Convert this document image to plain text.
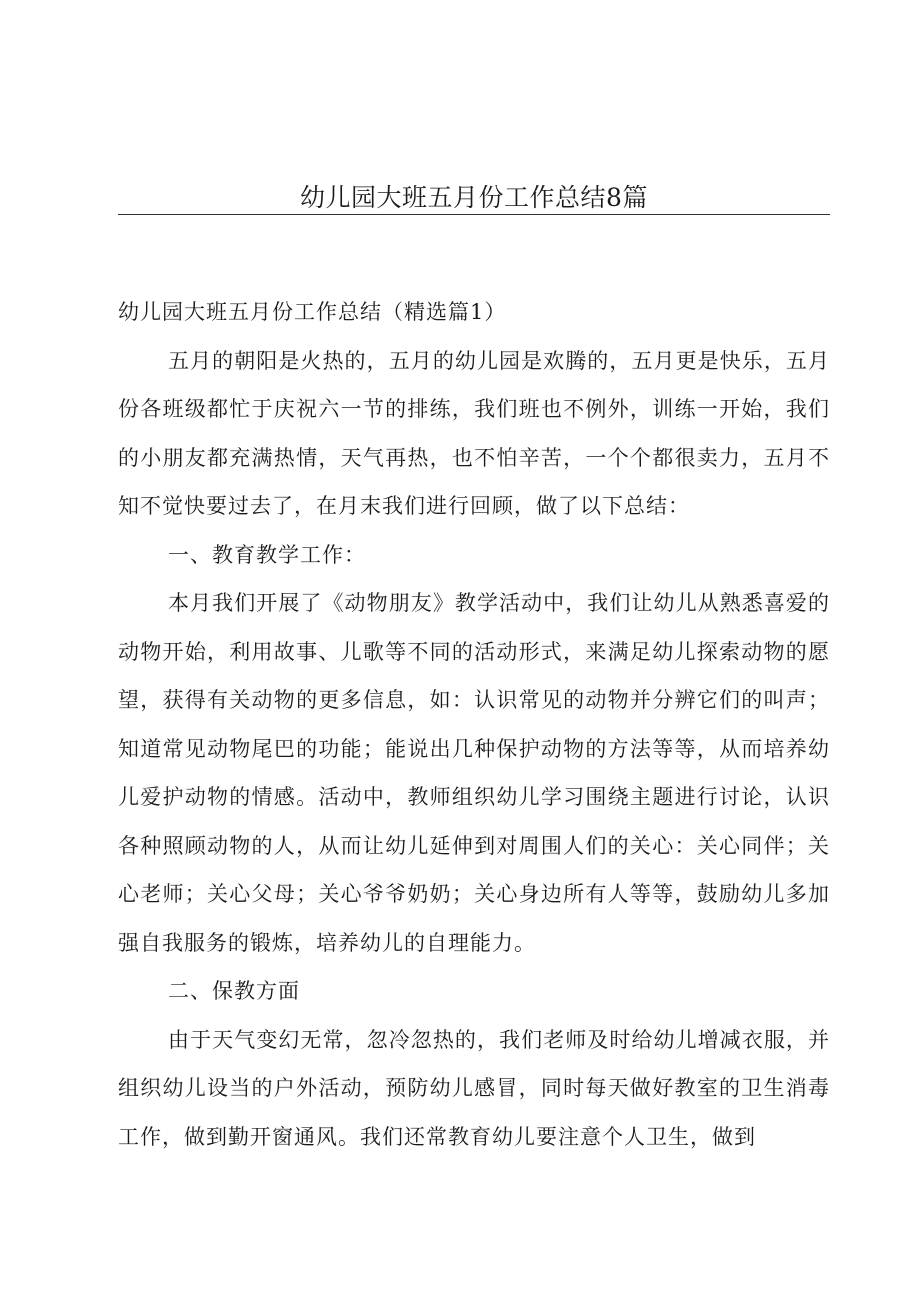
幼儿园大班五月份工作总结8篇

幼儿园大班五月份工作总结（精选篇1）

五月的朝阳是火热的，五月的幼儿园是欢腾的，五月更是快乐，五月份各班级都忙于庆祝六一节的排练，我们班也不例外，训练一开始，我们的小朋友都充满热情，天气再热，也不怕辛苦，一个个都很卖力，五月不知不觉快要过去了，在月末我们进行回顾，做了以下总结：

一、教育教学工作：

本月我们开展了《动物朋友》教学活动中，我们让幼儿从熟悉喜爱的动物开始，利用故事、儿歌等不同的活动形式，来满足幼儿探索动物的愿望，获得有关动物的更多信息，如：认识常见的动物并分辨它们的叫声；知道常见动物尾巴的功能；能说出几种保护动物的方法等等，从而培养幼儿爱护动物的情感。活动中，教师组织幼儿学习围绕主题进行讨论，认识各种照顾动物的人，从而让幼儿延伸到对周围人们的关心：关心同伴；关心老师；关心父母；关心爷爷奶奶；关心身边所有人等等，鼓励幼儿多加强自我服务的锻炼，培养幼儿的自理能力。

二、保教方面

由于天气变幻无常，忽冷忽热的，我们老师及时给幼儿增减衣服，并组织幼儿设当的户外活动，预防幼儿感冒，同时每天做好教室的卫生消毒工作，做到勤开窗通风。我们还常教育幼儿要注意个人卫生，做到
